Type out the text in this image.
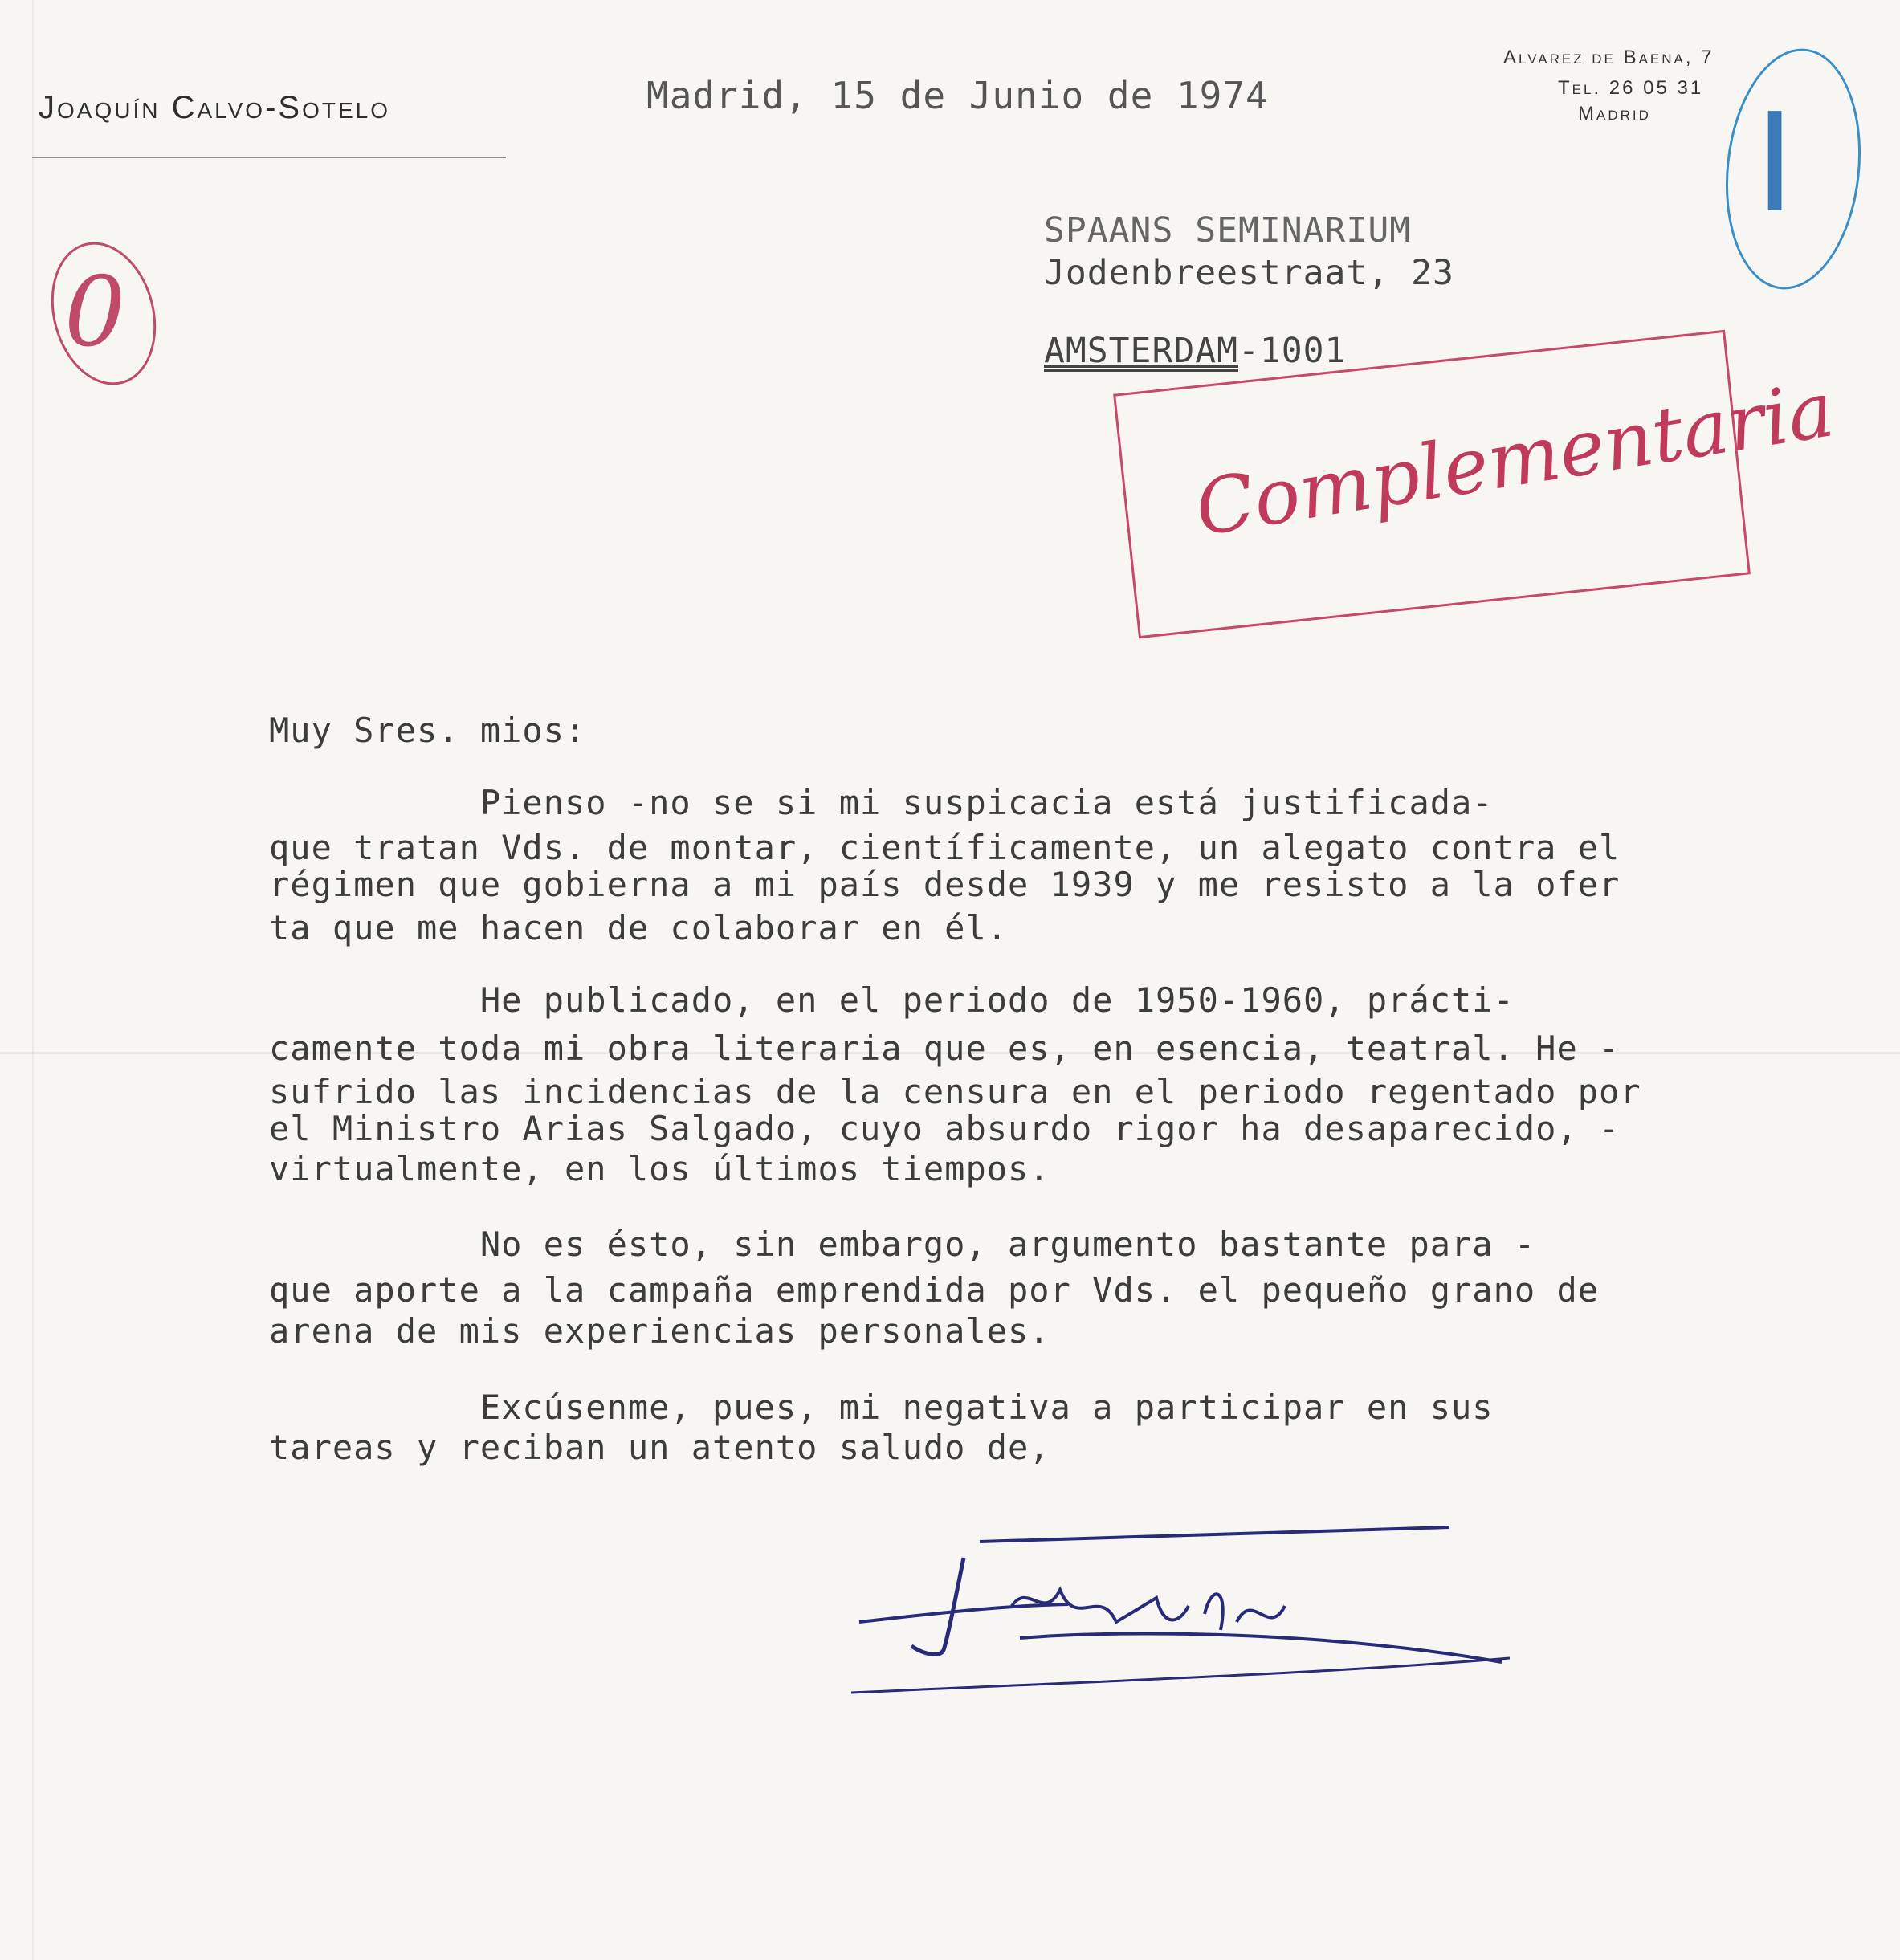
Joaquín Calvo-Sotelo
Alvarez de Baena, 7
Tel. 26 05 31
Madrid
Madrid, 15 de Junio de 1974
SPAANS SEMINARIUM
Jodenbreestraat, 23
AMSTERDAM-1001
0
I
Complementaria
Muy Sres. mios:
Pienso -no se si mi suspicacia está justificada-
que tratan Vds. de montar, científicamente, un alegato contra el
régimen que gobierna a mi país desde 1939 y me resisto a la ofer
ta que me hacen de colaborar en él.
He publicado, en el periodo de 1950-1960, prácti-
camente toda mi obra literaria que es, en esencia, teatral. He -
sufrido las incidencias de la censura en el periodo regentado por
el Ministro Arias Salgado, cuyo absurdo rigor ha desaparecido, -
virtualmente, en los últimos tiempos.
No es ésto, sin embargo, argumento bastante para -
que aporte a la campaña emprendida por Vds. el pequeño grano de
arena de mis experiencias personales.
Excúsenme, pues, mi negativa a participar en sus
tareas y reciban un atento saludo de,
